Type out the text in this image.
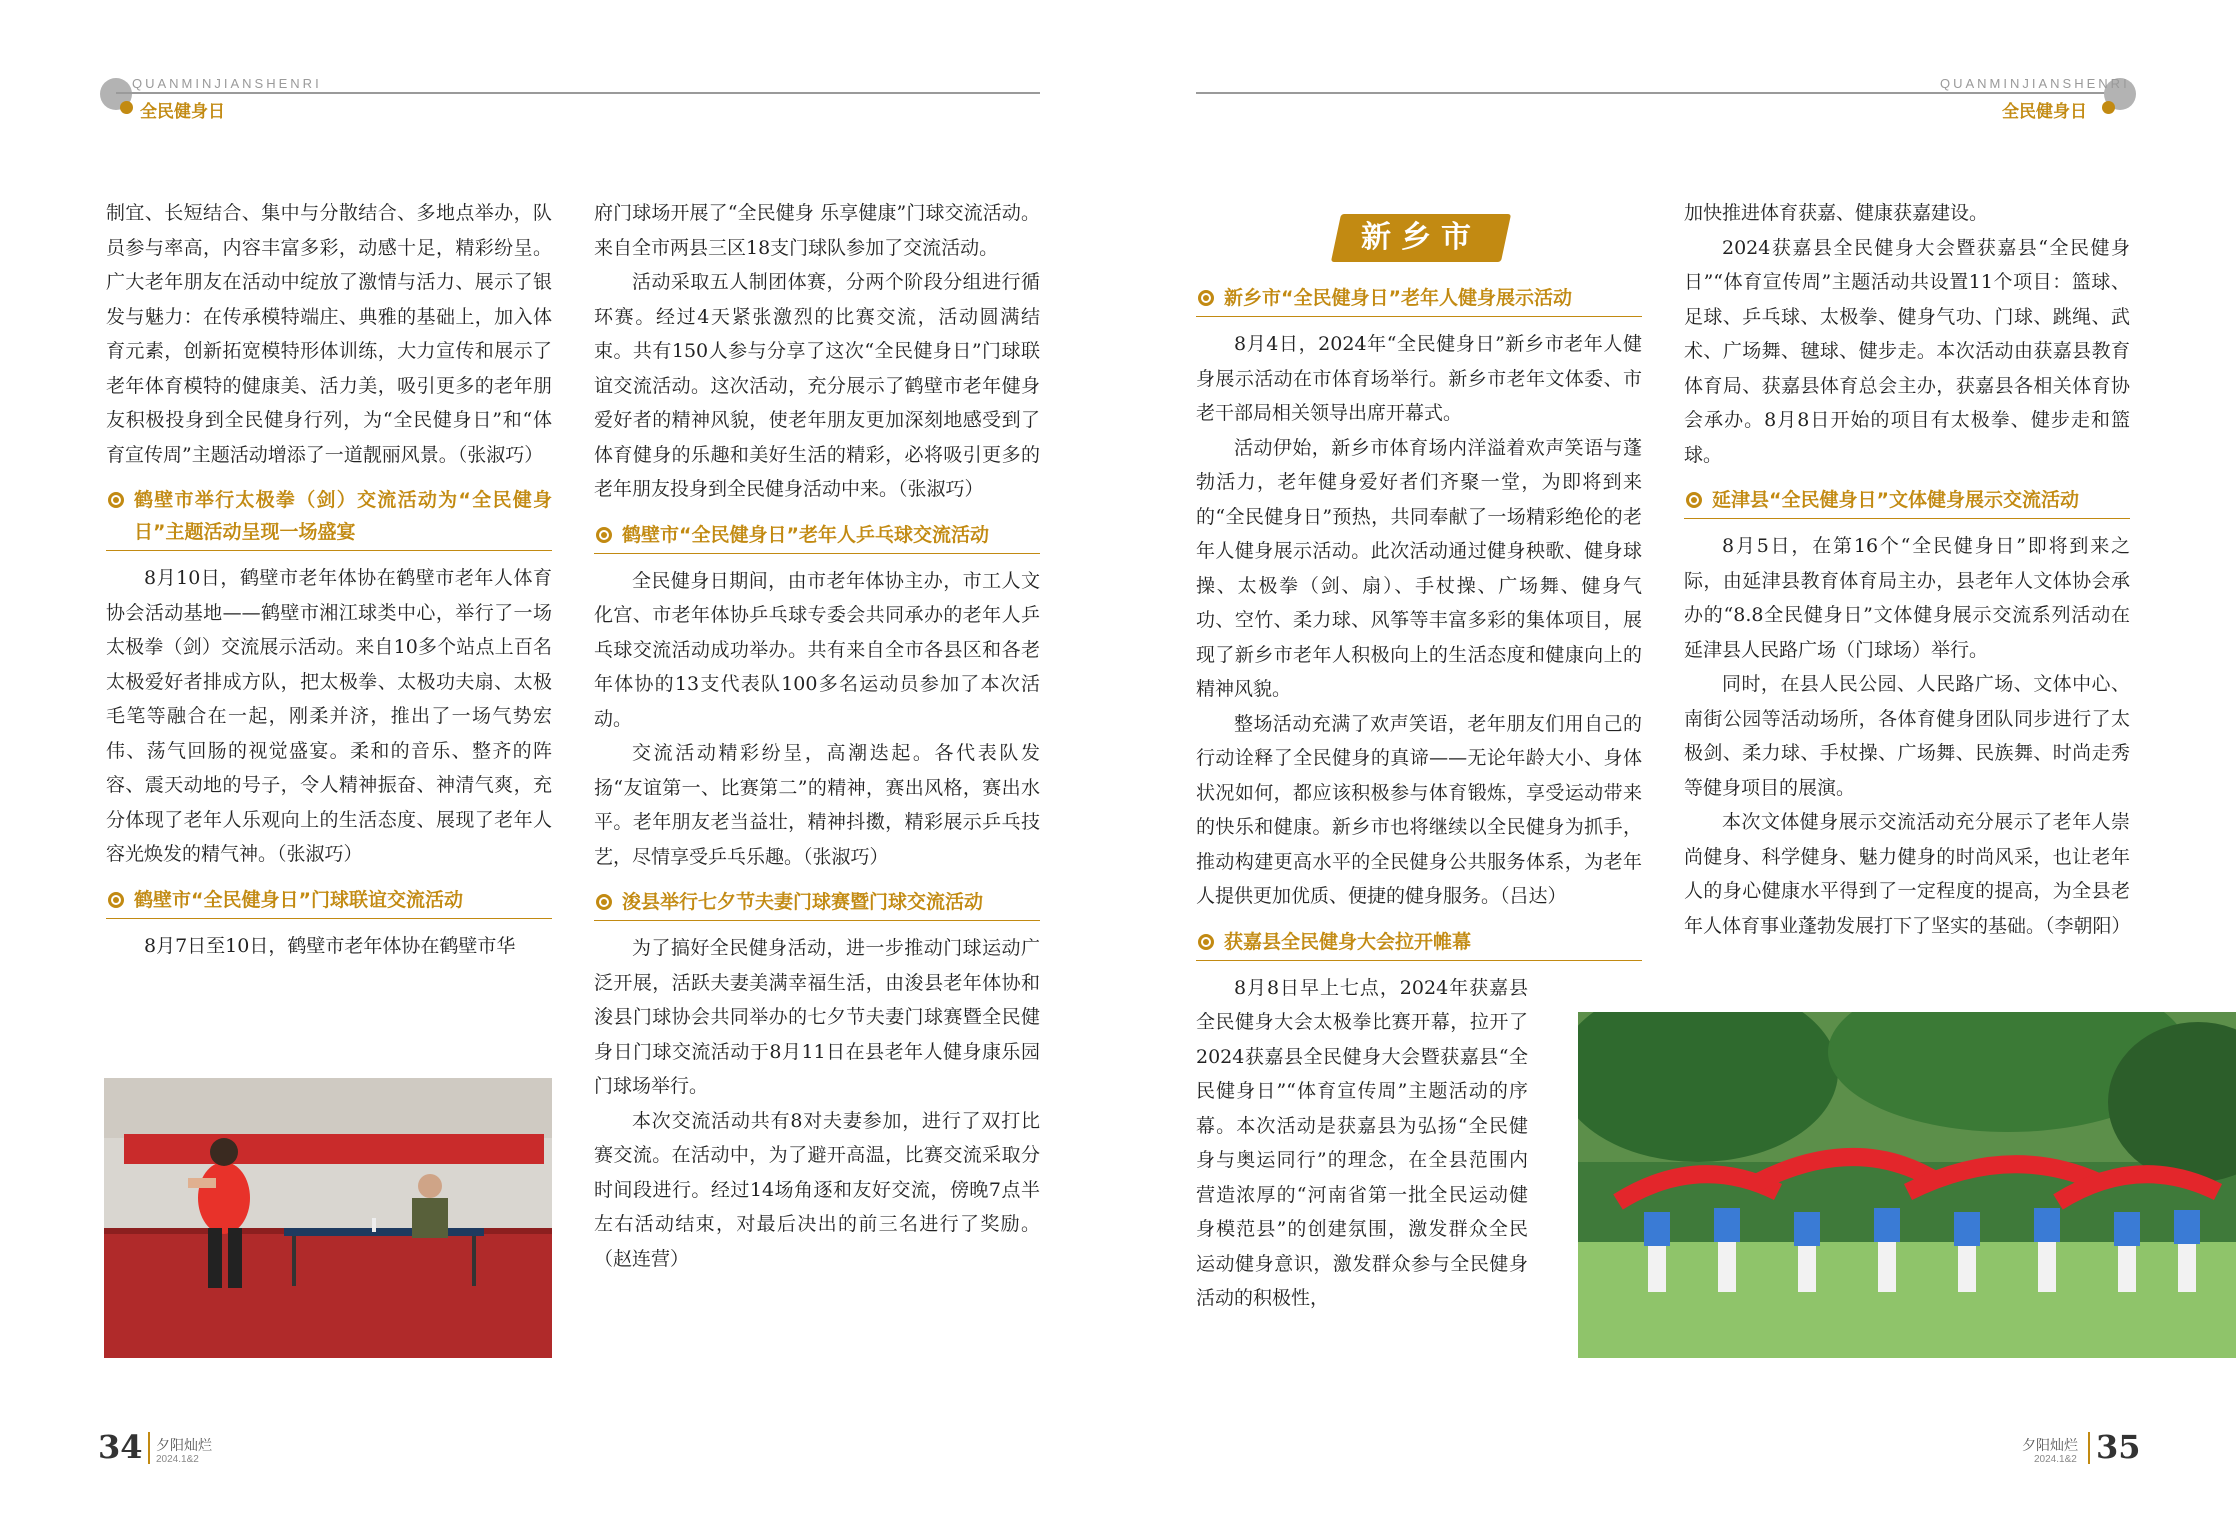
QUANMINJIANSHENRI
全民健身日
QUANMINJIANSHENRI
全民健身日

制宜、长短结合、集中与分散结合、多地点举办，队员参与率高，内容丰富多彩，动感十足，精彩纷呈。广大老年朋友在活动中绽放了激情与活力、展示了银发与魅力：在传承模特端庄、典雅的基础上，加入体育元素，创新拓宽模特形体训练，大力宣传和展示了老年体育模特的健康美、活力美，吸引更多的老年朋友积极投身到全民健身行列，为“全民健身日”和“体育宣传周”主题活动增添了一道靓丽风景。（张淑巧）

鹤壁市举行太极拳（剑）交流活动为“全民健身日”主题活动呈现一场盛宴

8月10日，鹤壁市老年体协在鹤壁市老年人体育协会活动基地——鹤壁市湘江球类中心，举行了一场太极拳（剑）交流展示活动。来自10多个站点上百名太极爱好者排成方队，把太极拳、太极功夫扇、太极毛笔等融合在一起，刚柔并济，推出了一场气势宏伟、荡气回肠的视觉盛宴。柔和的音乐、整齐的阵容、震天动地的号子，令人精神振奋、神清气爽，充分体现了老年人乐观向上的生活态度、展现了老年人容光焕发的精气神。（张淑巧）

鹤壁市“全民健身日”门球联谊交流活动

8月7日至10日，鹤壁市老年体协在鹤壁市华

府门球场开展了“全民健身 乐享健康”门球交流活动。来自全市两县三区18支门球队参加了交流活动。

活动采取五人制团体赛，分两个阶段分组进行循环赛。经过4天紧张激烈的比赛交流，活动圆满结束。共有150人参与分享了这次“全民健身日”门球联谊交流活动。这次活动，充分展示了鹤壁市老年健身爱好者的精神风貌，使老年朋友更加深刻地感受到了体育健身的乐趣和美好生活的精彩，必将吸引更多的老年朋友投身到全民健身活动中来。（张淑巧）

鹤壁市“全民健身日”老年人乒乓球交流活动

全民健身日期间，由市老年体协主办，市工人文化宫、市老年体协乒乓球专委会共同承办的老年人乒乓球交流活动成功举办。共有来自全市各县区和各老年体协的13支代表队100多名运动员参加了本次活动。

交流活动精彩纷呈，高潮迭起。各代表队发扬“友谊第一、比赛第二”的精神，赛出风格，赛出水平。老年朋友老当益壮，精神抖擞，精彩展示乒乓技艺，尽情享受乒乓乐趣。（张淑巧）

浚县举行七夕节夫妻门球赛暨门球交流活动

为了搞好全民健身活动，进一步推动门球运动广泛开展，活跃夫妻美满幸福生活，由浚县老年体协和浚县门球协会共同举办的七夕节夫妻门球赛暨全民健身日门球交流活动于8月11日在县老年人健身康乐园门球场举行。

本次交流活动共有8对夫妻参加，进行了双打比赛交流。在活动中，为了避开高温，比赛交流采取分时间段进行。经过14场角逐和友好交流，傍晚7点半左右活动结束，对最后决出的前三名进行了奖励。（赵连营）

新乡市
新乡市“全民健身日”老年人健身展示活动

8月4日，2024年“全民健身日”新乡市老年人健身展示活动在市体育场举行。新乡市老年文体委、市老干部局相关领导出席开幕式。

活动伊始，新乡市体育场内洋溢着欢声笑语与蓬勃活力，老年健身爱好者们齐聚一堂，为即将到来的“全民健身日”预热，共同奉献了一场精彩绝伦的老年人健身展示活动。此次活动通过健身秧歌、健身球操、太极拳（剑、扇）、手杖操、广场舞、健身气功、空竹、柔力球、风筝等丰富多彩的集体项目，展现了新乡市老年人积极向上的生活态度和健康向上的精神风貌。

整场活动充满了欢声笑语，老年朋友们用自己的行动诠释了全民健身的真谛——无论年龄大小、身体状况如何，都应该积极参与体育锻炼，享受运动带来的快乐和健康。新乡市也将继续以全民健身为抓手，推动构建更高水平的全民健身公共服务体系，为老年人提供更加优质、便捷的健身服务。（吕达）

获嘉县全民健身大会拉开帷幕

8月8日早上七点，2024年获嘉县全民健身大会太极拳比赛开幕，拉开了2024获嘉县全民健身大会暨获嘉县“全民健身日”“体育宣传周”主题活动的序幕。本次活动是获嘉县为弘扬“全民健身与奥运同行”的理念，在全县范围内营造浓厚的“河南省第一批全民运动健身模范县”的创建氛围，激发群众全民运动健身意识，激发群众参与全民健身活动的积极性，

加快推进体育获嘉、健康获嘉建设。

2024获嘉县全民健身大会暨获嘉县“全民健身日”“体育宣传周”主题活动共设置11个项目：篮球、足球、乒乓球、太极拳、健身气功、门球、跳绳、武术、广场舞、毽球、健步走。本次活动由获嘉县教育体育局、获嘉县体育总会主办，获嘉县各相关体育协会承办。8月8日开始的项目有太极拳、健步走和篮球。

延津县“全民健身日”文体健身展示交流活动

8月5日，在第16个“全民健身日”即将到来之际，由延津县教育体育局主办，县老年人文体协会承办的“8.8全民健身日”文体健身展示交流系列活动在延津县人民路广场（门球场）举行。

同时，在县人民公园、人民路广场、文体中心、南街公园等活动场所，各体育健身团队同步进行了太极剑、柔力球、手杖操、广场舞、民族舞、时尚走秀等健身项目的展演。

本次文体健身展示交流活动充分展示了老年人崇尚健身、科学健身、魅力健身的时尚风采，也让老年人的身心健康水平得到了一定程度的提高，为全县老年人体育事业蓬勃发展打下了坚实的基础。（李朝阳）

34 夕阳灿烂
2024.1&2
夕阳灿烂
2024.1&2 35
